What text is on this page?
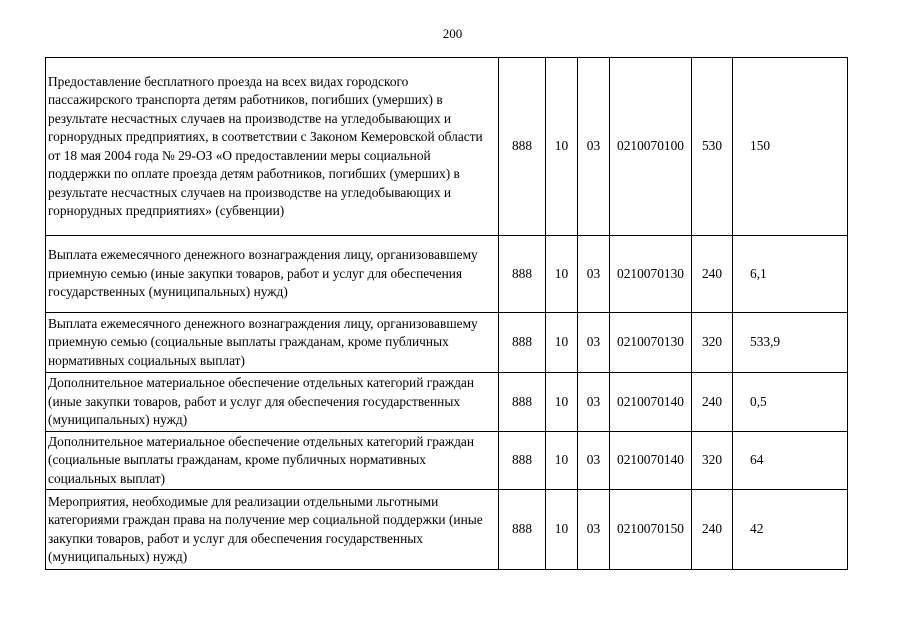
200
Предоставление бесплатного проезда на всех видах городского пассажирского транспорта детям работников, погибших (умерших) в результате несчастных случаев на производстве на угледобывающих и горнорудных предприятиях, в соответствии с Законом Кемеровской области от 18 мая 2004 года № 29-ОЗ «О предоставлении меры социальной поддержки по оплате проезда детям работников, погибших (умерших) в результате несчастных случаев на производстве на угледобывающих и горнорудных предприятиях» (субвенции)	888	10	03	0210070100	530	150
Выплата ежемесячного денежного вознаграждения лицу, организовавшему приемную семью (иные закупки товаров, работ и услуг для обеспечения государственных (муниципальных) нужд)	888	10	03	0210070130	240	6,1
Выплата ежемесячного денежного вознаграждения лицу, организовавшему приемную семью (социальные выплаты гражданам, кроме публичных нормативных социальных выплат)	888	10	03	0210070130	320	533,9
Дополнительное материальное обеспечение отдельных категорий граждан (иные закупки товаров, работ и услуг для обеспечения государственных (муниципальных) нужд)	888	10	03	0210070140	240	0,5
Дополнительное материальное обеспечение отдельных категорий граждан (социальные выплаты гражданам, кроме публичных нормативных социальных выплат)	888	10	03	0210070140	320	64
Мероприятия, необходимые для реализации отдельными льготными категориями граждан права на получение мер социальной поддержки (иные закупки товаров, работ и услуг для обеспечения государственных (муниципальных) нужд)	888	10	03	0210070150	240	42
